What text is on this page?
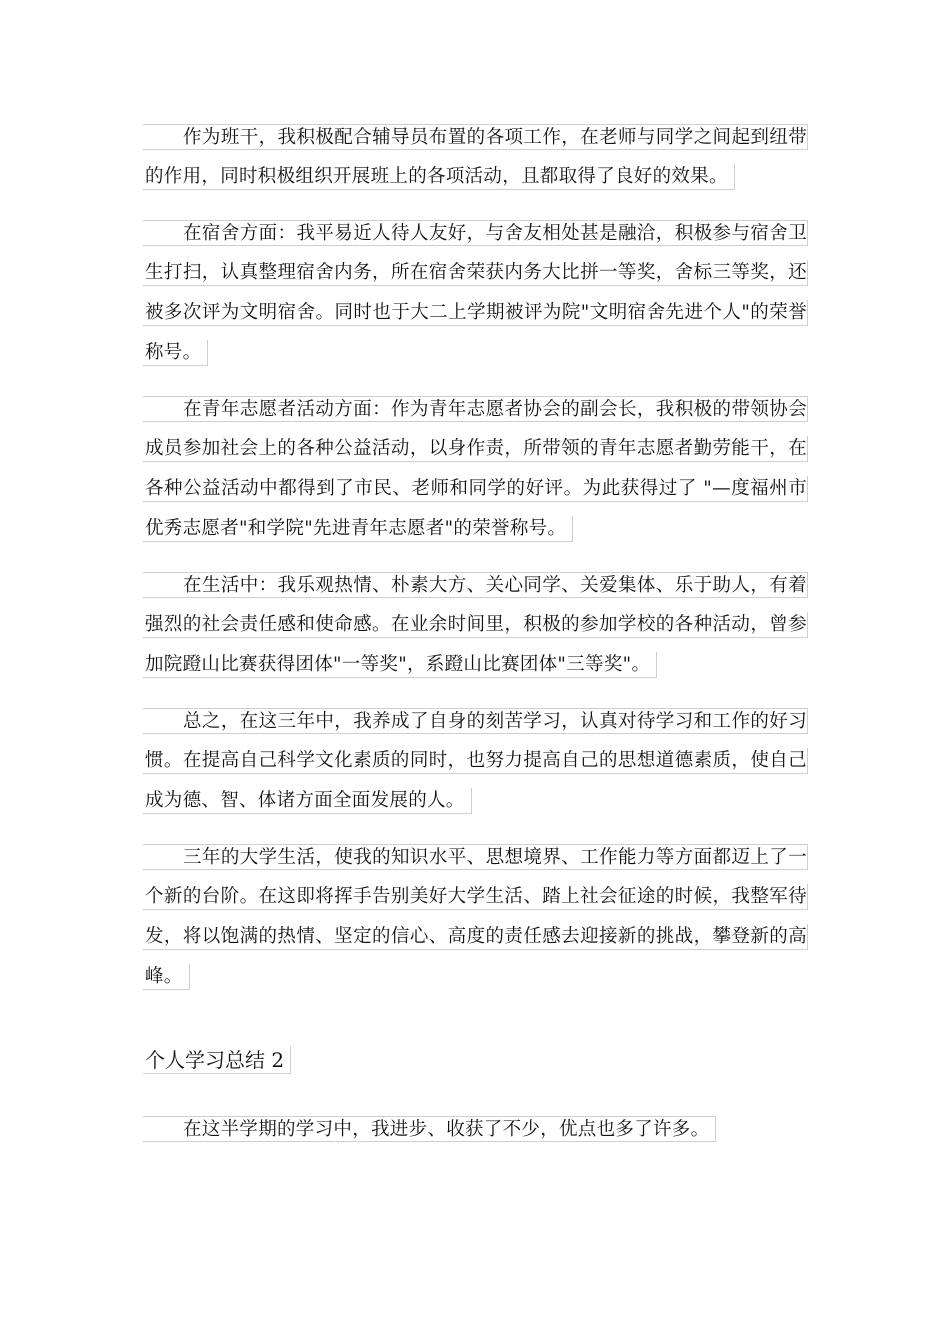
作为班干，我积极配合辅导员布置的各项工作，在老师与同学之间起到纽带
的作用，同时积极组织开展班上的各项活动，且都取得了良好的效果。
在宿舍方面：我平易近人待人友好，与舍友相处甚是融洽，积极参与宿舍卫
生打扫，认真整理宿舍内务，所在宿舍荣获内务大比拼一等奖，舍标三等奖，还
被多次评为文明宿舍。同时也于大二上学期被评为院"文明宿舍先进个人"的荣誉
称号。
在青年志愿者活动方面：作为青年志愿者协会的副会长，我积极的带领协会
成员参加社会上的各种公益活动，以身作责，所带领的青年志愿者勤劳能干，在
各种公益活动中都得到了市民、老师和同学的好评。为此获得过了 "—度福州市
优秀志愿者"和学院"先进青年志愿者"的荣誉称号。
在生活中：我乐观热情、朴素大方、关心同学、关爱集体、乐于助人，有着
强烈的社会责任感和使命感。在业余时间里，积极的参加学校的各种活动，曾参
加院蹬山比赛获得团体"一等奖"，系蹬山比赛团体"三等奖"。
总之，在这三年中，我养成了自身的刻苦学习，认真对待学习和工作的好习
惯。在提高自己科学文化素质的同时，也努力提高自己的思想道德素质，使自己
成为德、智、体诸方面全面发展的人。
三年的大学生活，使我的知识水平、思想境界、工作能力等方面都迈上了一
个新的台阶。在这即将挥手告别美好大学生活、踏上社会征途的时候，我整军待
发，将以饱满的热情、坚定的信心、高度的责任感去迎接新的挑战，攀登新的高
峰。
个人学习总结 2
在这半学期的学习中，我进步、收获了不少，优点也多了许多。
